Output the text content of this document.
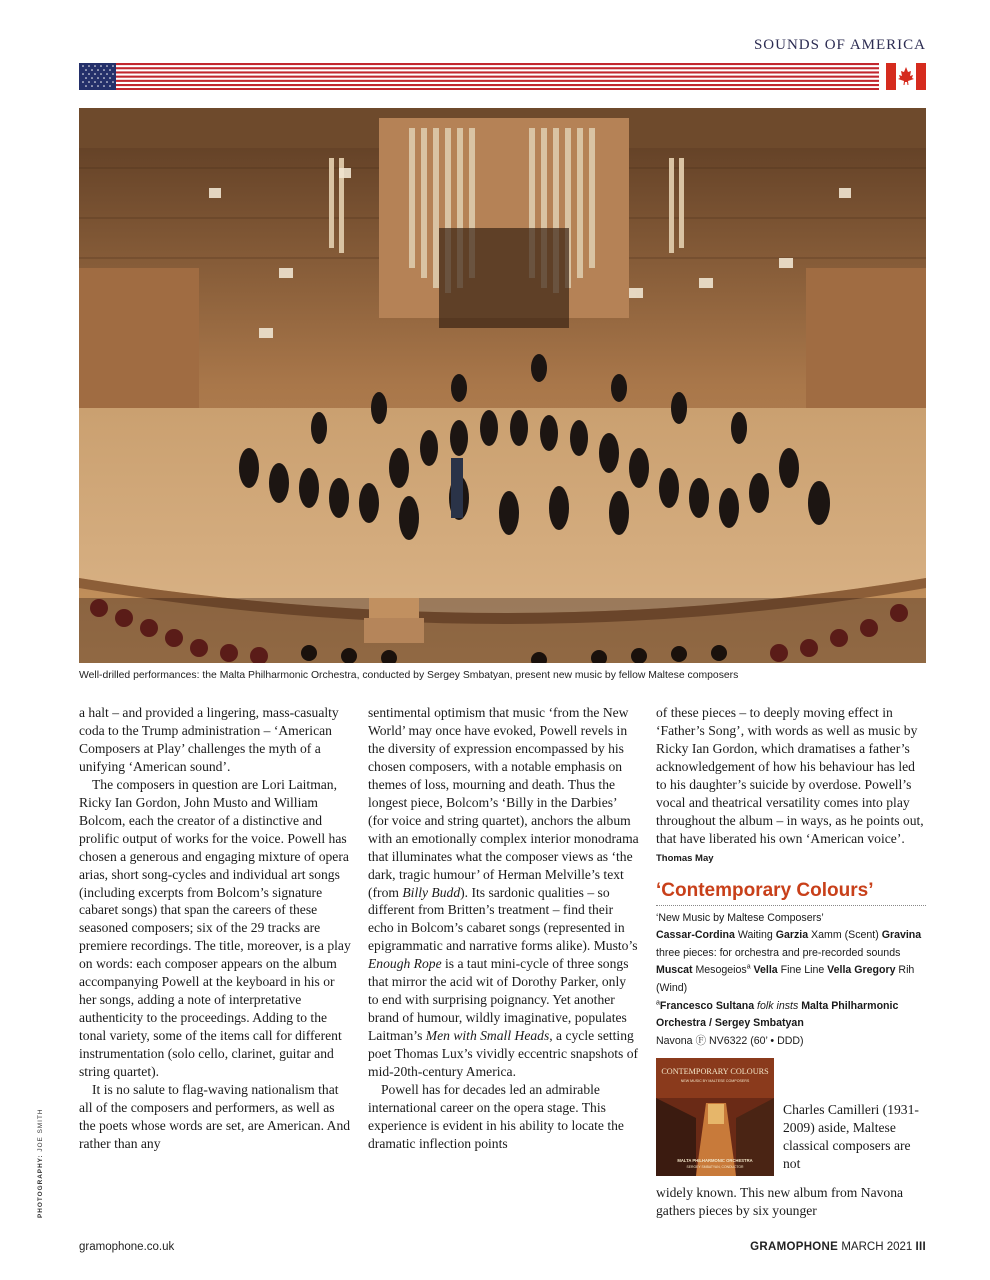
SOUNDS OF AMERICA
Well-drilled performances: the Malta Philharmonic Orchestra, conducted by Sergey Smbatyan, present new music by fellow Maltese composers

a halt – and provided a lingering, mass-casualty coda to the Trump administration – ‘American Composers at Play’ challenges the myth of a unifying ‘American sound’.

The composers in question are Lori Laitman, Ricky Ian Gordon, John Musto and William Bolcom, each the creator of a distinctive and prolific output of works for the voice. Powell has chosen a generous and engaging mixture of opera arias, short song-cycles and individual art songs (including excerpts from Bolcom’s signature cabaret songs) that span the careers of these seasoned composers; six of the 29 tracks are premiere recordings. The title, moreover, is a play on words: each composer appears on the album accompanying Powell at the keyboard in his or her songs, adding a note of interpretative authenticity to the proceedings. Adding to the tonal variety, some of the items call for different instrumentation (solo cello, clarinet, guitar and string quartet).

It is no salute to flag-waving nationalism that all of the composers and performers, as well as the poets whose words are set, are American. And rather than any

sentimental optimism that music ‘from the New World’ may once have evoked, Powell revels in the diversity of expression encompassed by his chosen composers, with a notable emphasis on themes of loss, mourning and death. Thus the longest piece, Bolcom’s ‘Billy in the Darbies’ (for voice and string quartet), anchors the album with an emotionally complex interior monodrama that illuminates what the composer views as ‘the dark, tragic humour’ of Herman Melville’s text (from Billy Budd). Its sardonic qualities – so different from Britten’s treatment – find their echo in Bolcom’s cabaret songs (represented in epigrammatic and narrative forms alike). Musto’s Enough Rope is a taut mini-cycle of three songs that mirror the acid wit of Dorothy Parker, only to end with surprising poignancy. Yet another brand of humour, wildly imaginative, populates Laitman’s Men with Small Heads, a cycle setting poet Thomas Lux’s vividly eccentric snapshots of mid-20th-century America.

Powell has for decades led an admirable international career on the opera stage. This experience is evident in his ability to locate the dramatic inflection points

of these pieces – to deeply moving effect in ‘Father’s Song’, with words as well as music by Ricky Ian Gordon, which dramatises a father’s acknowledgement of how his behaviour has led to his daughter’s suicide by overdose. Powell’s vocal and theatrical versatility comes into play throughout the album – in ways, as he points out, that have liberated his own ‘American voice’. Thomas May

‘Contemporary Colours’
‘New Music by Maltese Composers’
Cassar-Cordina Waiting Garzia Xamm (Scent) Gravina three pieces: for orchestra and pre-recorded sounds Muscat Mesogeios$^a$ Vella Fine Line Vella Gregory Rih (Wind)
$^a$Francesco Sultana folk insts Malta Philharmonic Orchestra / Sergey Smbatyan
Navona Ⓕ NV6322 (60’ • DDD)
CONTEMPORARY COLOURS
NEW MUSIC BY MALTESE COMPOSERS
MALTA PHILHARMONIC ORCHESTRA
SERGEY SMBATYAN, CONDUCTOR
Charles Camilleri (1931-2009) aside, Maltese classical composers are not

widely known. This new album from Navona gathers pieces by six younger

PHOTOGRAPHY: JOE SMITH
gramophone.co.uk	GRAMOPHONE MARCH 2021 III
